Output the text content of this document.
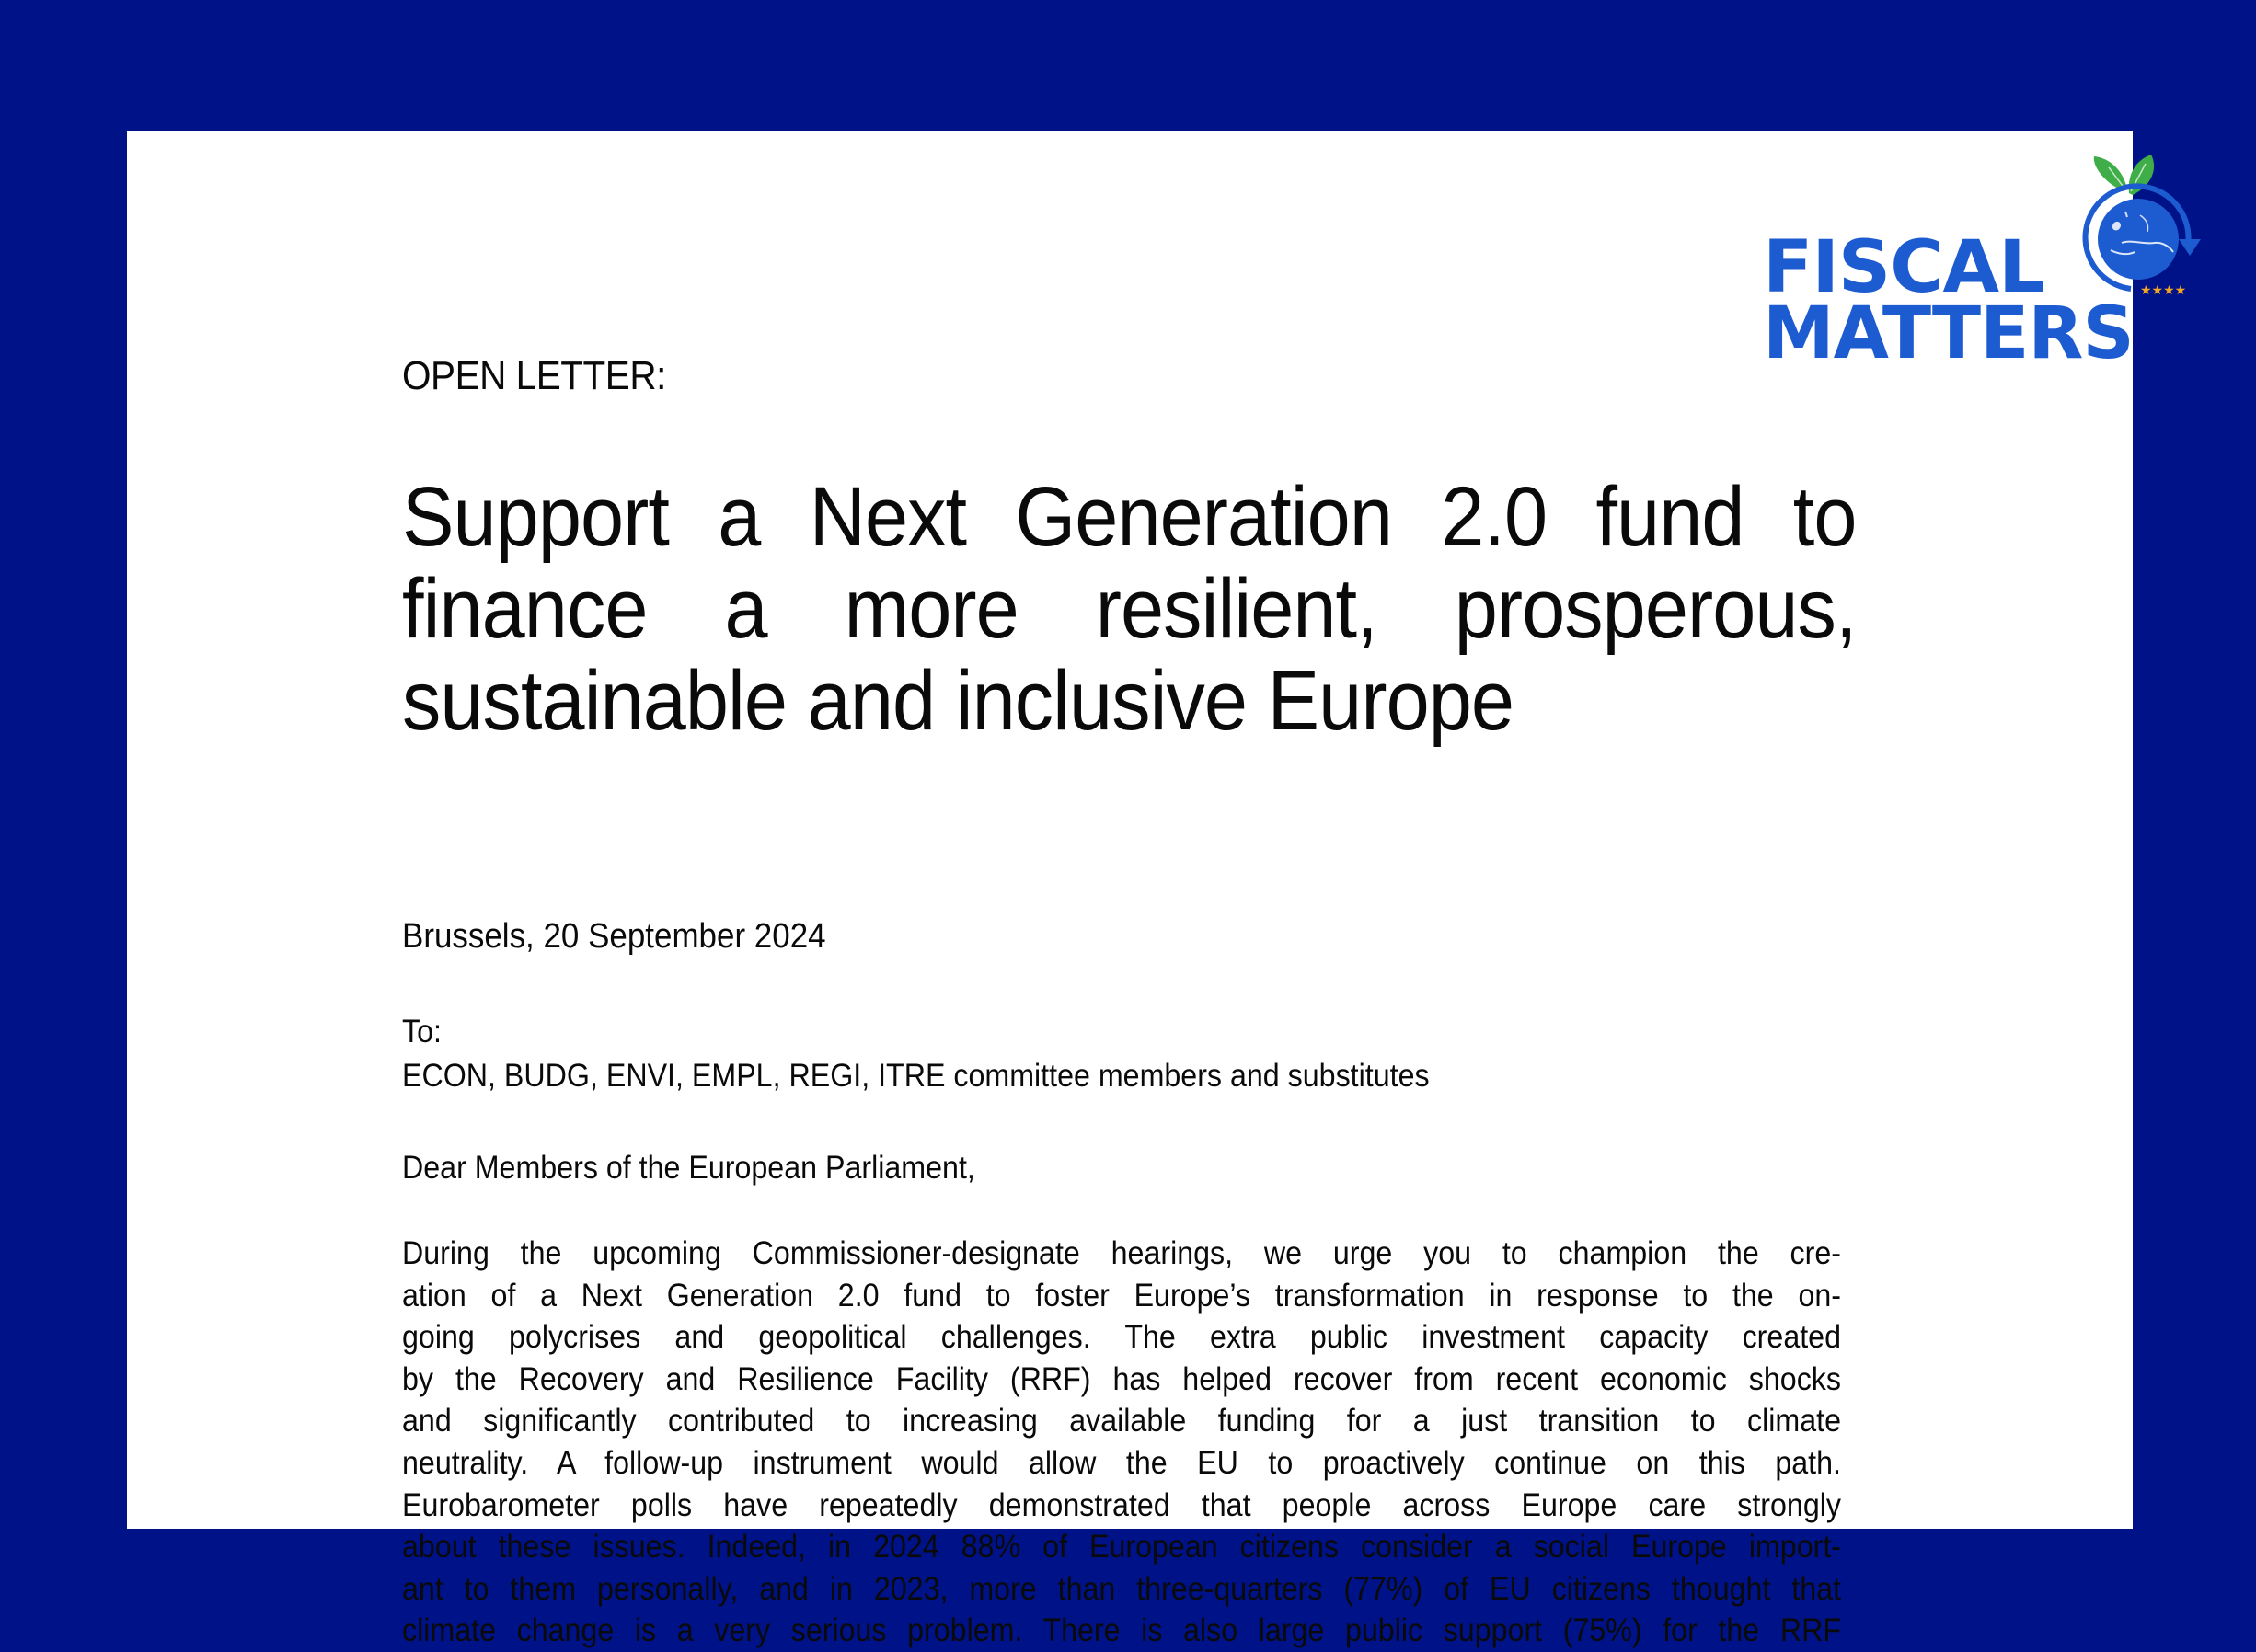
FISCAL
MATTERS
★★★★
OPEN LETTER:
Support a Next Generation 2.0 fund to
finance a more resilient, prosperous,
sustainable and inclusive Europe
Brussels, 20 September 2024
To:
ECON, BUDG, ENVI, EMPL, REGI, ITRE committee members and substitutes
Dear Members of the European Parliament,
During the upcoming Commissioner-designate hearings, we urge you to champion the cre-
ation of a Next Generation 2.0 fund to foster Europe’s transformation in response to the on-
going polycrises and geopolitical challenges. The extra public investment capacity created
by the Recovery and Resilience Facility (RRF) has helped recover from recent economic shocks
and significantly contributed to increasing available funding for a just transition to climate
neutrality. A follow-up instrument would allow the EU to proactively continue on this path.
Eurobarometer polls have repeatedly demonstrated that people across Europe care strongly
about these issues. Indeed, in 2024 88% of European citizens consider a social Europe import-
ant to them personally, and in 2023, more than three-quarters (77%) of EU citizens thought that
climate change is a very serious problem. There is also large public support (75%) for the RRF
